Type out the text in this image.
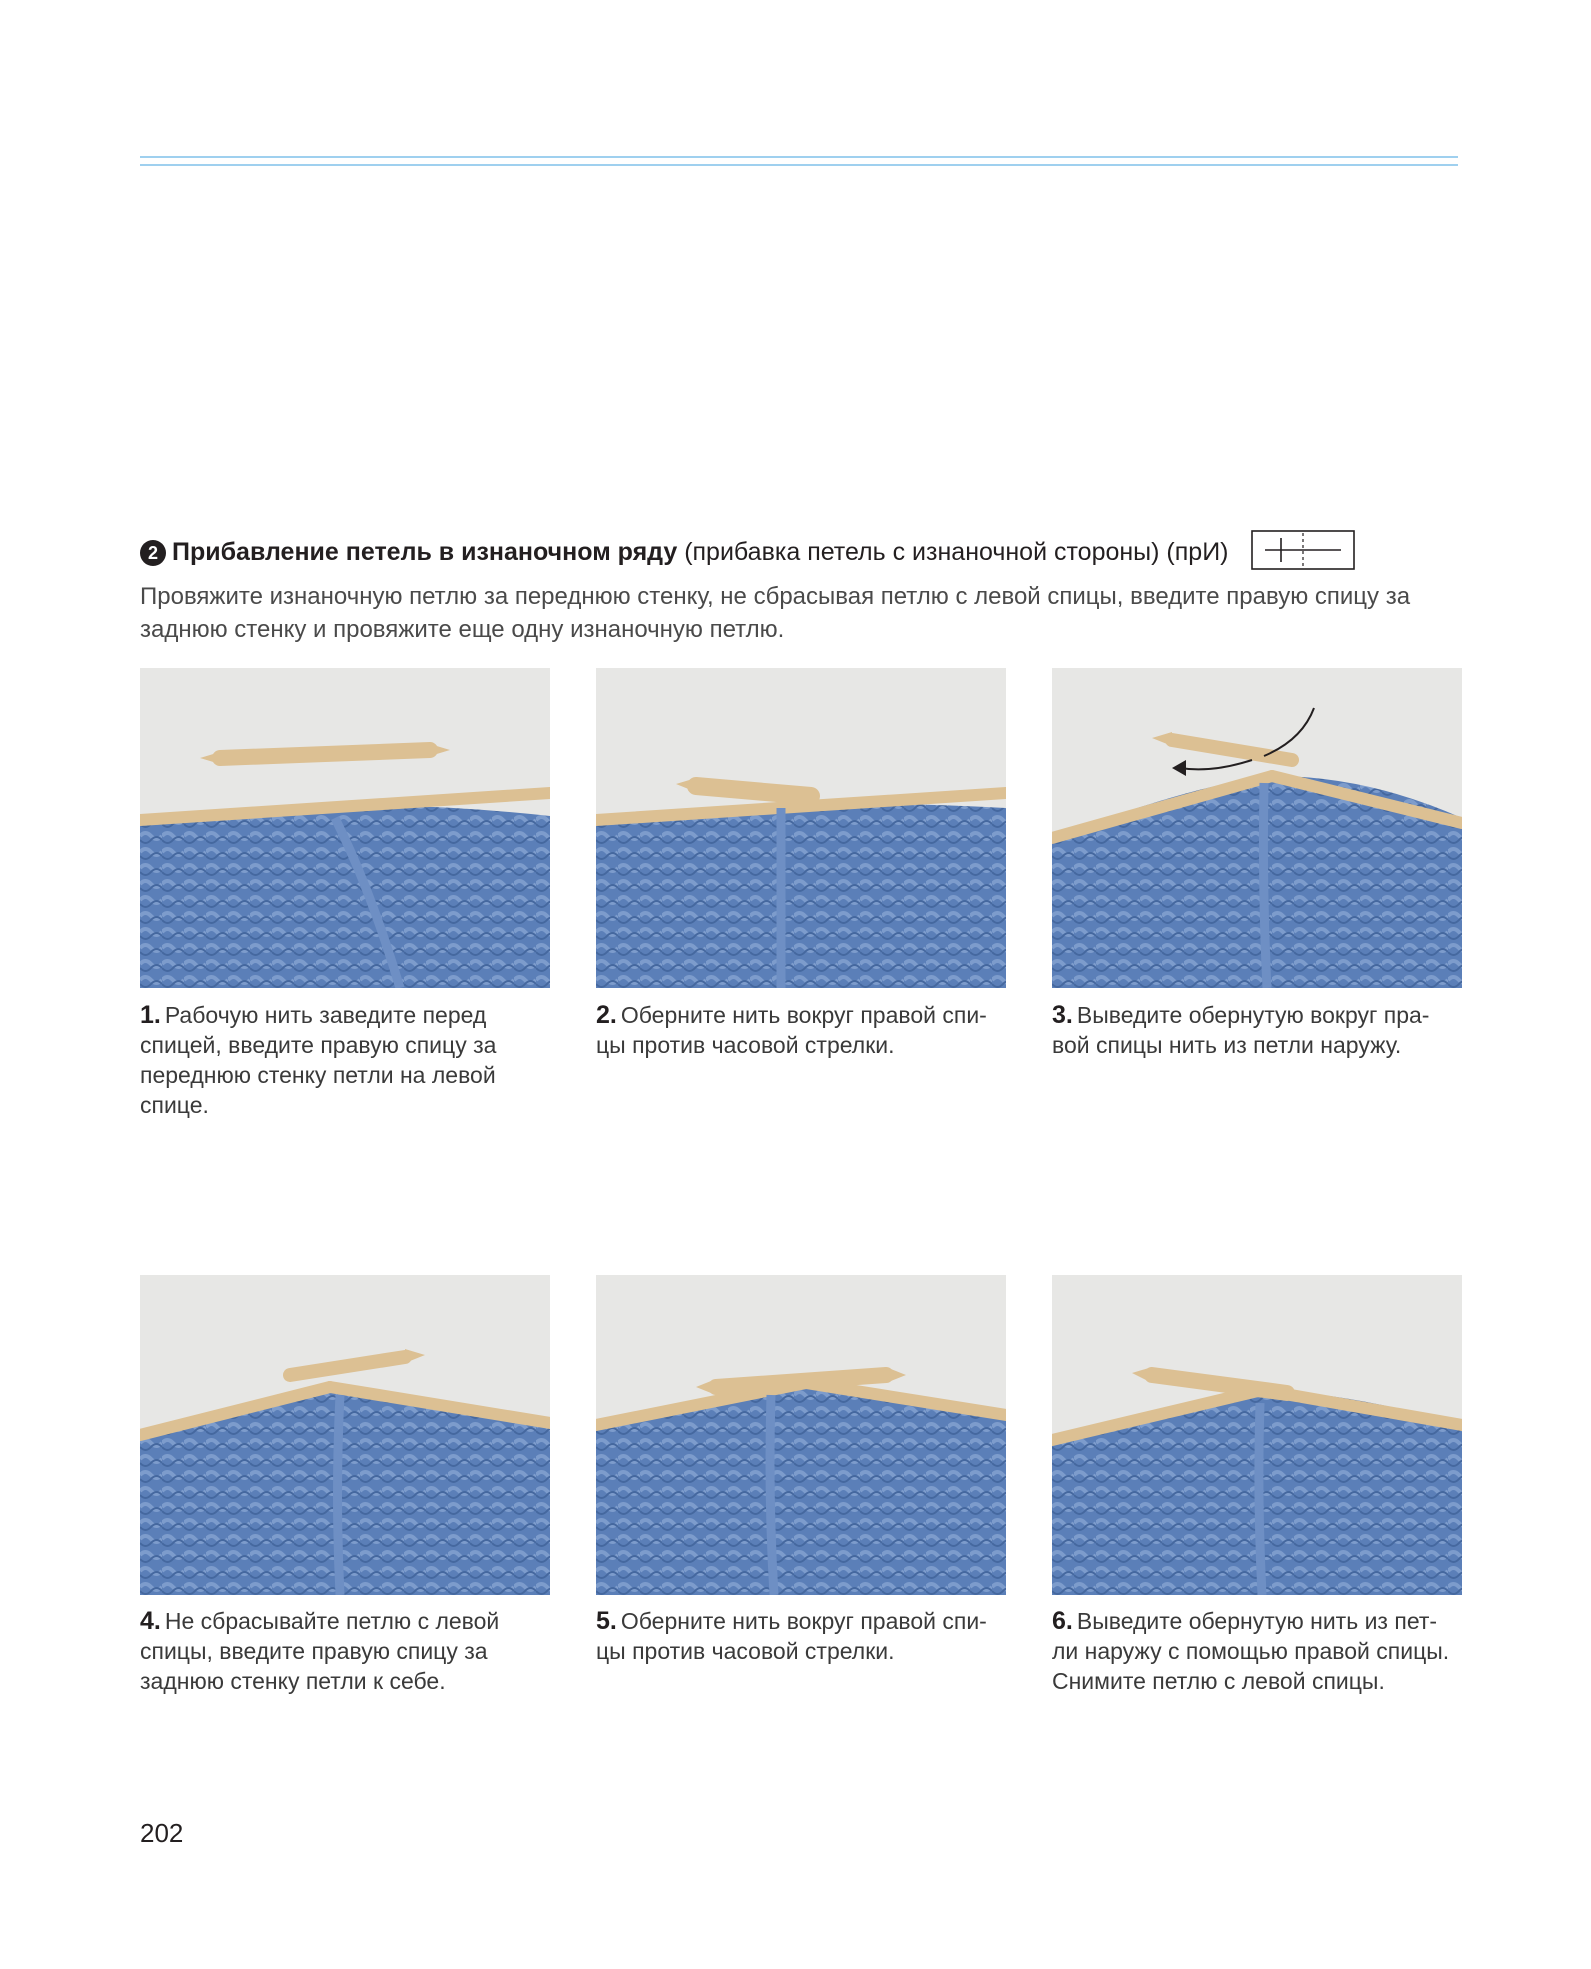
2 Прибавление петель в изнаночном ряду (прибавка петель с изнаночной стороны) (прИ)
Провяжите изнаночную петлю за переднюю стенку, не сбрасывая петлю с левой спицы, введите правую спицу за заднюю стенку и провяжите еще одну изнаночную петлю.
1. Рабочую нить заведите перед спицей, введите правую спицу за переднюю стенку петли на левой спице.
2. Оберните нить вокруг правой спи-цы против часовой стрелки.
3. Выведите обернутую вокруг пра-вой спицы нить из петли наружу.
4. Не сбрасывайте петлю с левой спицы, введите правую спицу за заднюю стенку петли к себе.
5. Оберните нить вокруг правой спи-цы против часовой стрелки.
6. Выведите обернутую нить из пет-ли наружу с помощью правой спицы. Снимите петлю с левой спицы.
202
